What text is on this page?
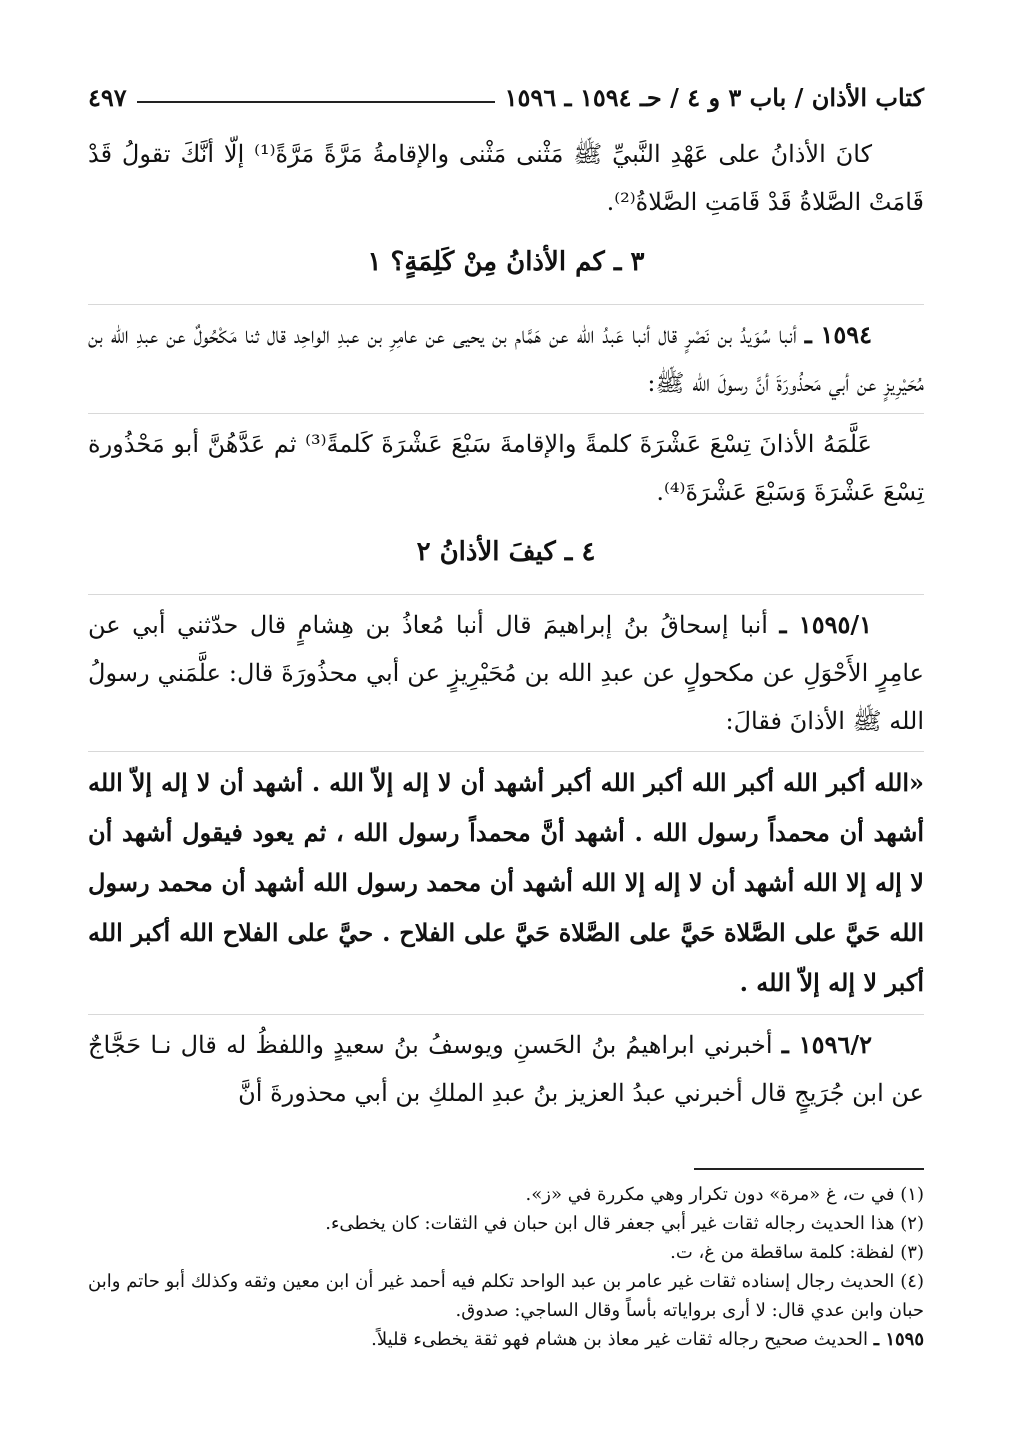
كتاب الأذان / باب ٣ و ٤ / حـ ١٥٩٤ ـ ١٥٩٦
٤٩٧

كانَ الأذانُ على عَهْدِ النَّبيِّ ﷺ مَثْنى مَثْنى والإقامةُ مَرَّةً مَرَّةً⁽¹⁾ إلّا أنَّكَ تقولُ قَدْ قَامَتْ الصَّلاةُ قَدْ قَامَتِ الصَّلاةُ⁽²⁾.

٣ ـ كم الأذانُ مِنْ كَلِمَةٍ؟ ١

١٥٩٤ ـ أنبا سُوَيدُ بن نَصْرٍ قال أنبا عَبدُ الله عن هَمَّام بن يحيى عن عامِرِ بن عبدِ الواحِد قال ثنا مَكْحُولٌ عن عبدِ الله بن مُحَيْرِيزٍ عن أبي مَحذُورَةَ أنَّ رسولَ الله ﷺ:

عَلَّمَهُ الأذانَ تِسْعَ عَشْرَةَ كلمةً والإقامةَ سَبْعَ عَشْرَةَ كَلمةً⁽³⁾ ثم عَدَّهُنَّ أبو مَحْذُورة تِسْعَ عَشْرَةَ وَسَبْعَ عَشْرَةَ⁽⁴⁾.

٤ ـ كيفَ الأذانُ ٢

١٥٩٥/١ ـ أنبا إسحاقُ بنُ إبراهيمَ قال أنبا مُعاذُ بن هِشامٍ قال حدّثني أبي عن عامِرٍ الأَحْوَلِ عن مكحولٍ عن عبدِ الله بن مُحَيْرِيزٍ عن أبي محذُورَةَ قال: علَّمَني رسولُ الله ﷺ الأذانَ فقالَ:

«الله أكبر الله أكبر الله أكبر الله أكبر أشهد أن لا إله إلاّ الله . أشهد أن لا إله إلاّ الله أشهد أن محمداً رسول الله . أشهد أنَّ محمداً رسول الله ، ثم يعود فيقول أشهد أن لا إله إلا الله أشهد أن لا إله إلا الله أشهد أن محمد رسول الله أشهد أن محمد رسول الله حَيَّ على الصَّلاة حَيَّ على الصَّلاة حَيَّ على الفلاح . حيَّ على الفلاح الله أكبر الله أكبر لا إله إلاّ الله .

١٥٩٦/٢ ـ أخبرني ابراهيمُ بنُ الحَسنِ ويوسفُ بنُ سعيدٍ واللفظُ له قال نـا حَجَّاجٌ عن ابن جُرَيجٍ قال أخبرني عبدُ العزيز بنُ عبدِ الملكِ بن أبي محذورةَ أنَّ

(١) في ت، غ «مرة» دون تكرار وهي مكررة في «ز».

(٢) هذا الحديث رجاله ثقات غير أبي جعفر قال ابن حبان في الثقات: كان يخطىء.

(٣) لفظة: كلمة ساقطة من غ، ت.

(٤) الحديث رجال إسناده ثقات غير عامر بن عبد الواحد تكلم فيه أحمد غير أن ابن معين وثقه وكذلك أبو حاتم وابن حبان وابن عدي قال: لا أرى برواياته بأساً وقال الساجي: صدوق.

١٥٩٥ ـ الحديث صحيح رجاله ثقات غير معاذ بن هشام فهو ثقة يخطىء قليلاً.
